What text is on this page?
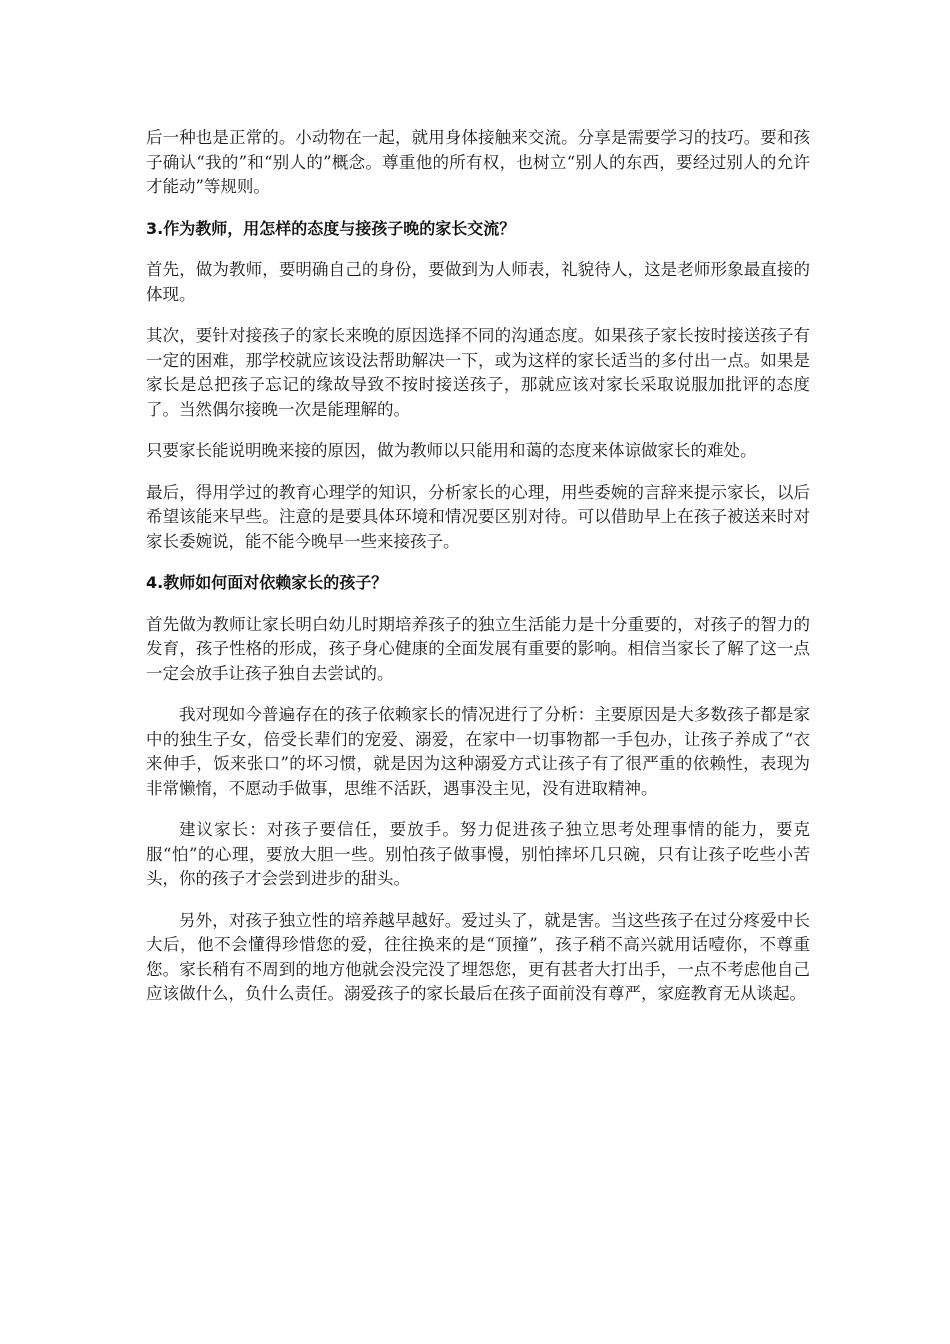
后一种也是正常的。小动物在一起，就用身体接触来交流。分享是需要学习的技巧。要和孩子确认“我的”和“别人的”概念。尊重他的所有权，也树立“别人的东西，要经过别人的允许才能动”等规则。

3.作为教师，用怎样的态度与接孩子晚的家长交流？

首先，做为教师，要明确自己的身份，要做到为人师表，礼貌待人，这是老师形象最直接的体现。

其次，要针对接孩子的家长来晚的原因选择不同的沟通态度。如果孩子家长按时接送孩子有一定的困难，那学校就应该设法帮助解决一下，或为这样的家长适当的多付出一点。如果是家长是总把孩子忘记的缘故导致不按时接送孩子，那就应该对家长采取说服加批评的态度了。当然偶尔接晚一次是能理解的。

只要家长能说明晚来接的原因，做为教师以只能用和蔼的态度来体谅做家长的难处。

最后，得用学过的教育心理学的知识，分析家长的心理，用些委婉的言辞来提示家长，以后希望该能来早些。注意的是要具体环境和情况要区别对待。可以借助早上在孩子被送来时对家长委婉说，能不能今晚早一些来接孩子。

4.教师如何面对依赖家长的孩子？

首先做为教师让家长明白幼儿时期培养孩子的独立生活能力是十分重要的，对孩子的智力的发育，孩子性格的形成，孩子身心健康的全面发展有重要的影响。相信当家长了解了这一点一定会放手让孩子独自去尝试的。

我对现如今普遍存在的孩子依赖家长的情况进行了分析：主要原因是大多数孩子都是家中的独生子女，倍受长辈们的宠爱、溺爱，在家中一切事物都一手包办，让孩子养成了“衣来伸手，饭来张口”的坏习惯，就是因为这种溺爱方式让孩子有了很严重的依赖性，表现为非常懒惰，不愿动手做事，思维不活跃，遇事没主见，没有进取精神。

建议家长：对孩子要信任，要放手。努力促进孩子独立思考处理事情的能力，要克服“怕”的心理，要放大胆一些。别怕孩子做事慢，别怕摔坏几只碗，只有让孩子吃些小苦头，你的孩子才会尝到进步的甜头。

另外，对孩子独立性的培养越早越好。爱过头了，就是害。当这些孩子在过分疼爱中长大后，他不会懂得珍惜您的爱，往往换来的是“顶撞”，孩子稍不高兴就用话噎你，不尊重您。家长稍有不周到的地方他就会没完没了埋怨您，更有甚者大打出手，一点不考虑他自己应该做什么，负什么责任。溺爱孩子的家长最后在孩子面前没有尊严，家庭教育无从谈起。
